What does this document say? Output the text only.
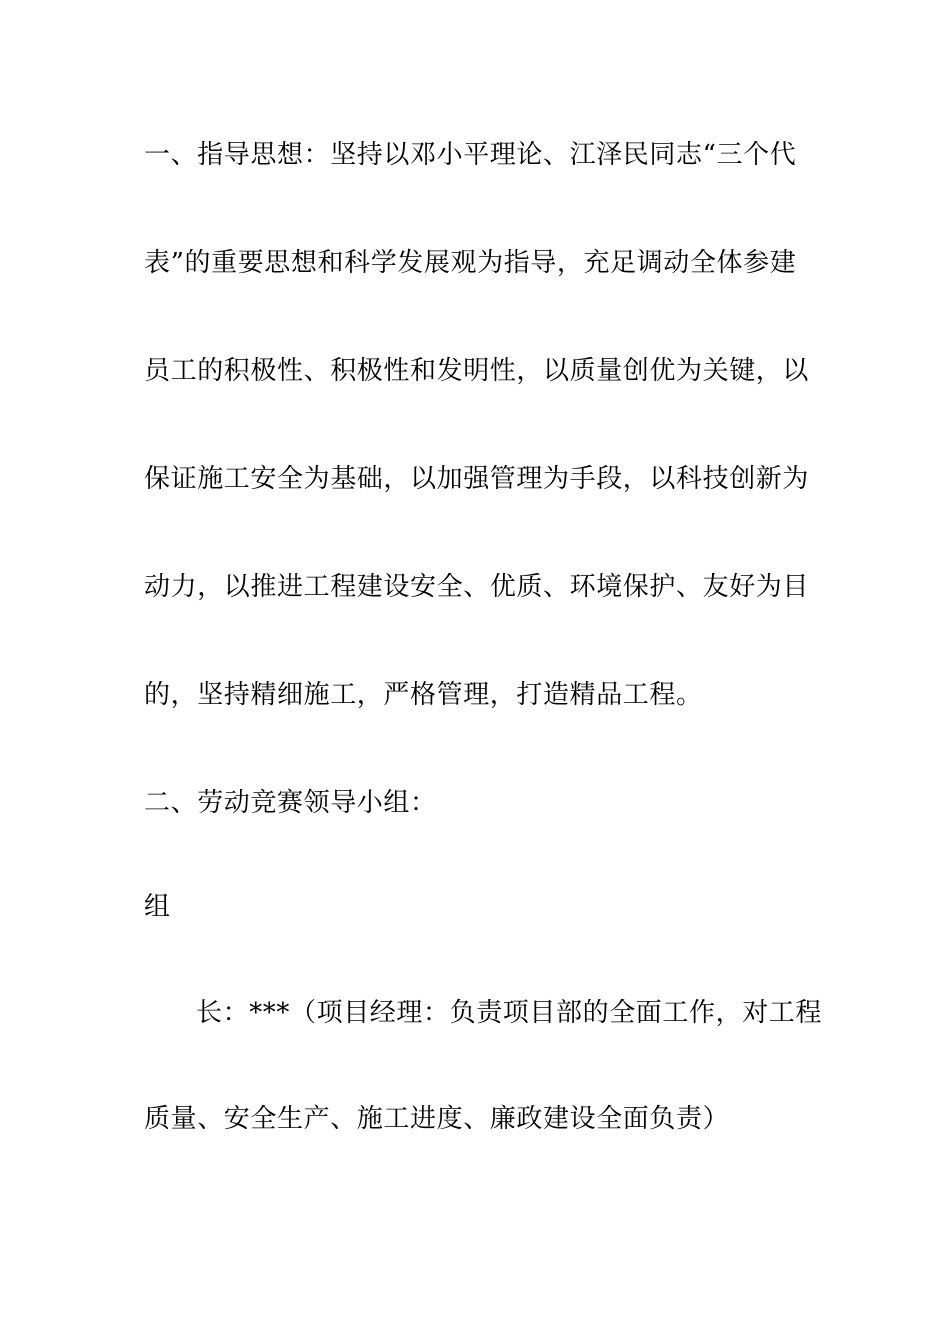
一、指导思想：坚持以邓小平理论、江泽民同志“三个代
表”的重要思想和科学发展观为指导，充足调动全体参建
员工的积极性、积极性和发明性，以质量创优为关键，以
保证施工安全为基础，以加强管理为手段，以科技创新为
动力，以推进工程建设安全、优质、环境保护、友好为目
的，坚持精细施工，严格管理，打造精品工程。
二、劳动竞赛领导小组：
组
长：***（项目经理：负责项目部的全面工作，对工程
质量、安全生产、施工进度、廉政建设全面负责）
